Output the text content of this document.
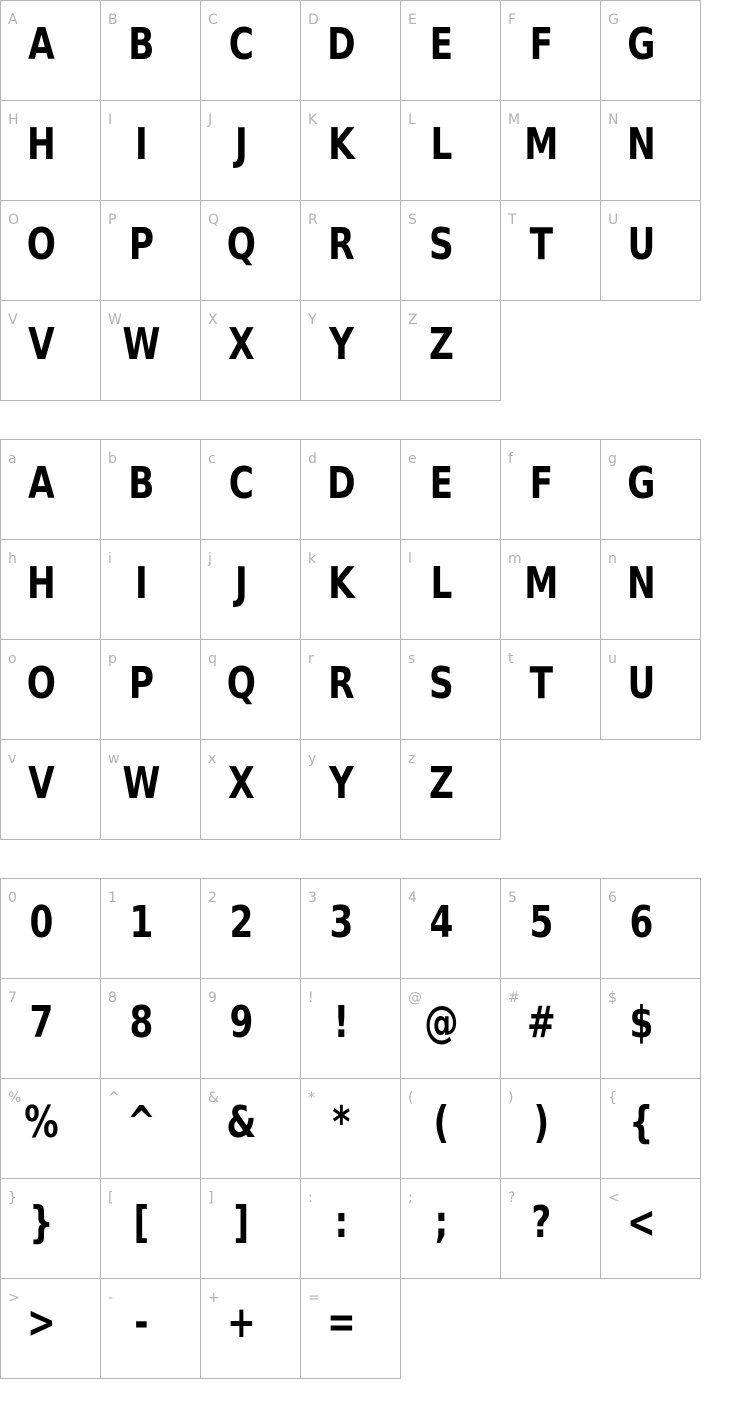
A A	B B	C C	D D	E E	F F	G G
H H	I I	J J	K K	L L	M M	N N
O O	P P	Q Q	R R	S S	T T	U U
V V	W W	X X	Y Y	Z Z
a A	b B	c C	d D	e E	f F	g G
h H	i I	j J	k K	l L	m M	n N
o O	p P	q Q	r R	s S	t T	u U
v V	w W	x X	y Y	z Z
0 0	1 1	2 2	3 3	4 4	5 5	6 6
7 7	8 8	9 9	! !	@ @	# #	$ $
% %	^ ^	& &	* *	( (	) )	{ {
} }	[ [	] ]	: :	; ;	? ?	< <
> >	- -	+ +	= =
